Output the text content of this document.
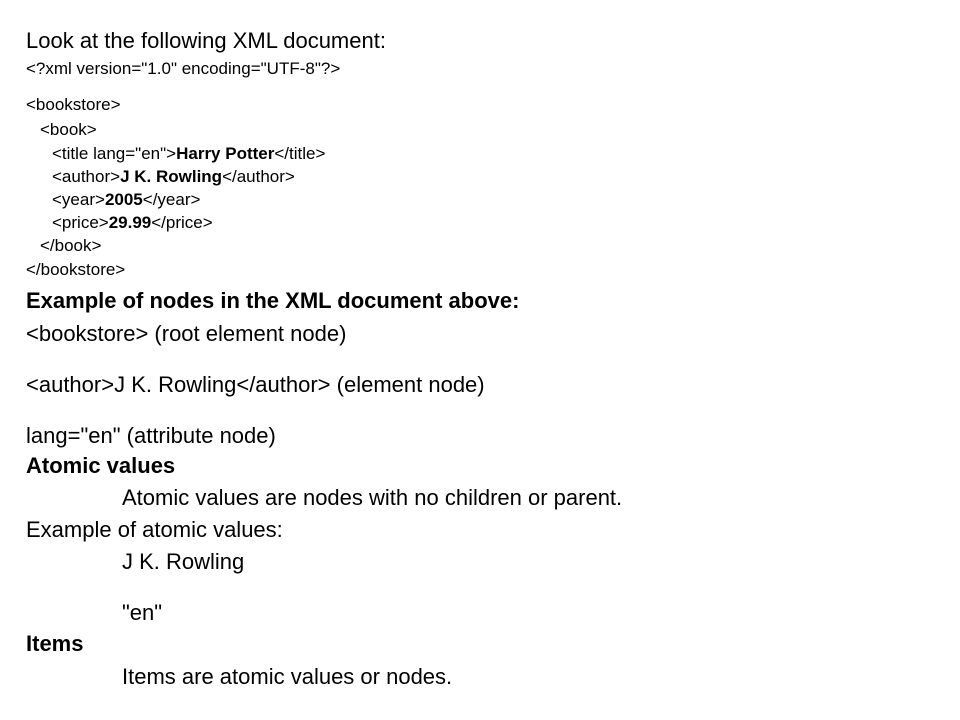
Look at the following XML document:
<?xml version="1.0" encoding="UTF-8"?>
<bookstore>
<book>
<title lang="en">Harry Potter</title>
<author>J K. Rowling</author>
<year>2005</year>
<price>29.99</price>
</book>
</bookstore>
Example of nodes in the XML document above:
<bookstore> (root element node)
<author>J K. Rowling</author> (element node)
lang="en" (attribute node)
Atomic values
Atomic values are nodes with no children or parent.
Example of atomic values:
J K. Rowling
"en"
Items
Items are atomic values or nodes.
